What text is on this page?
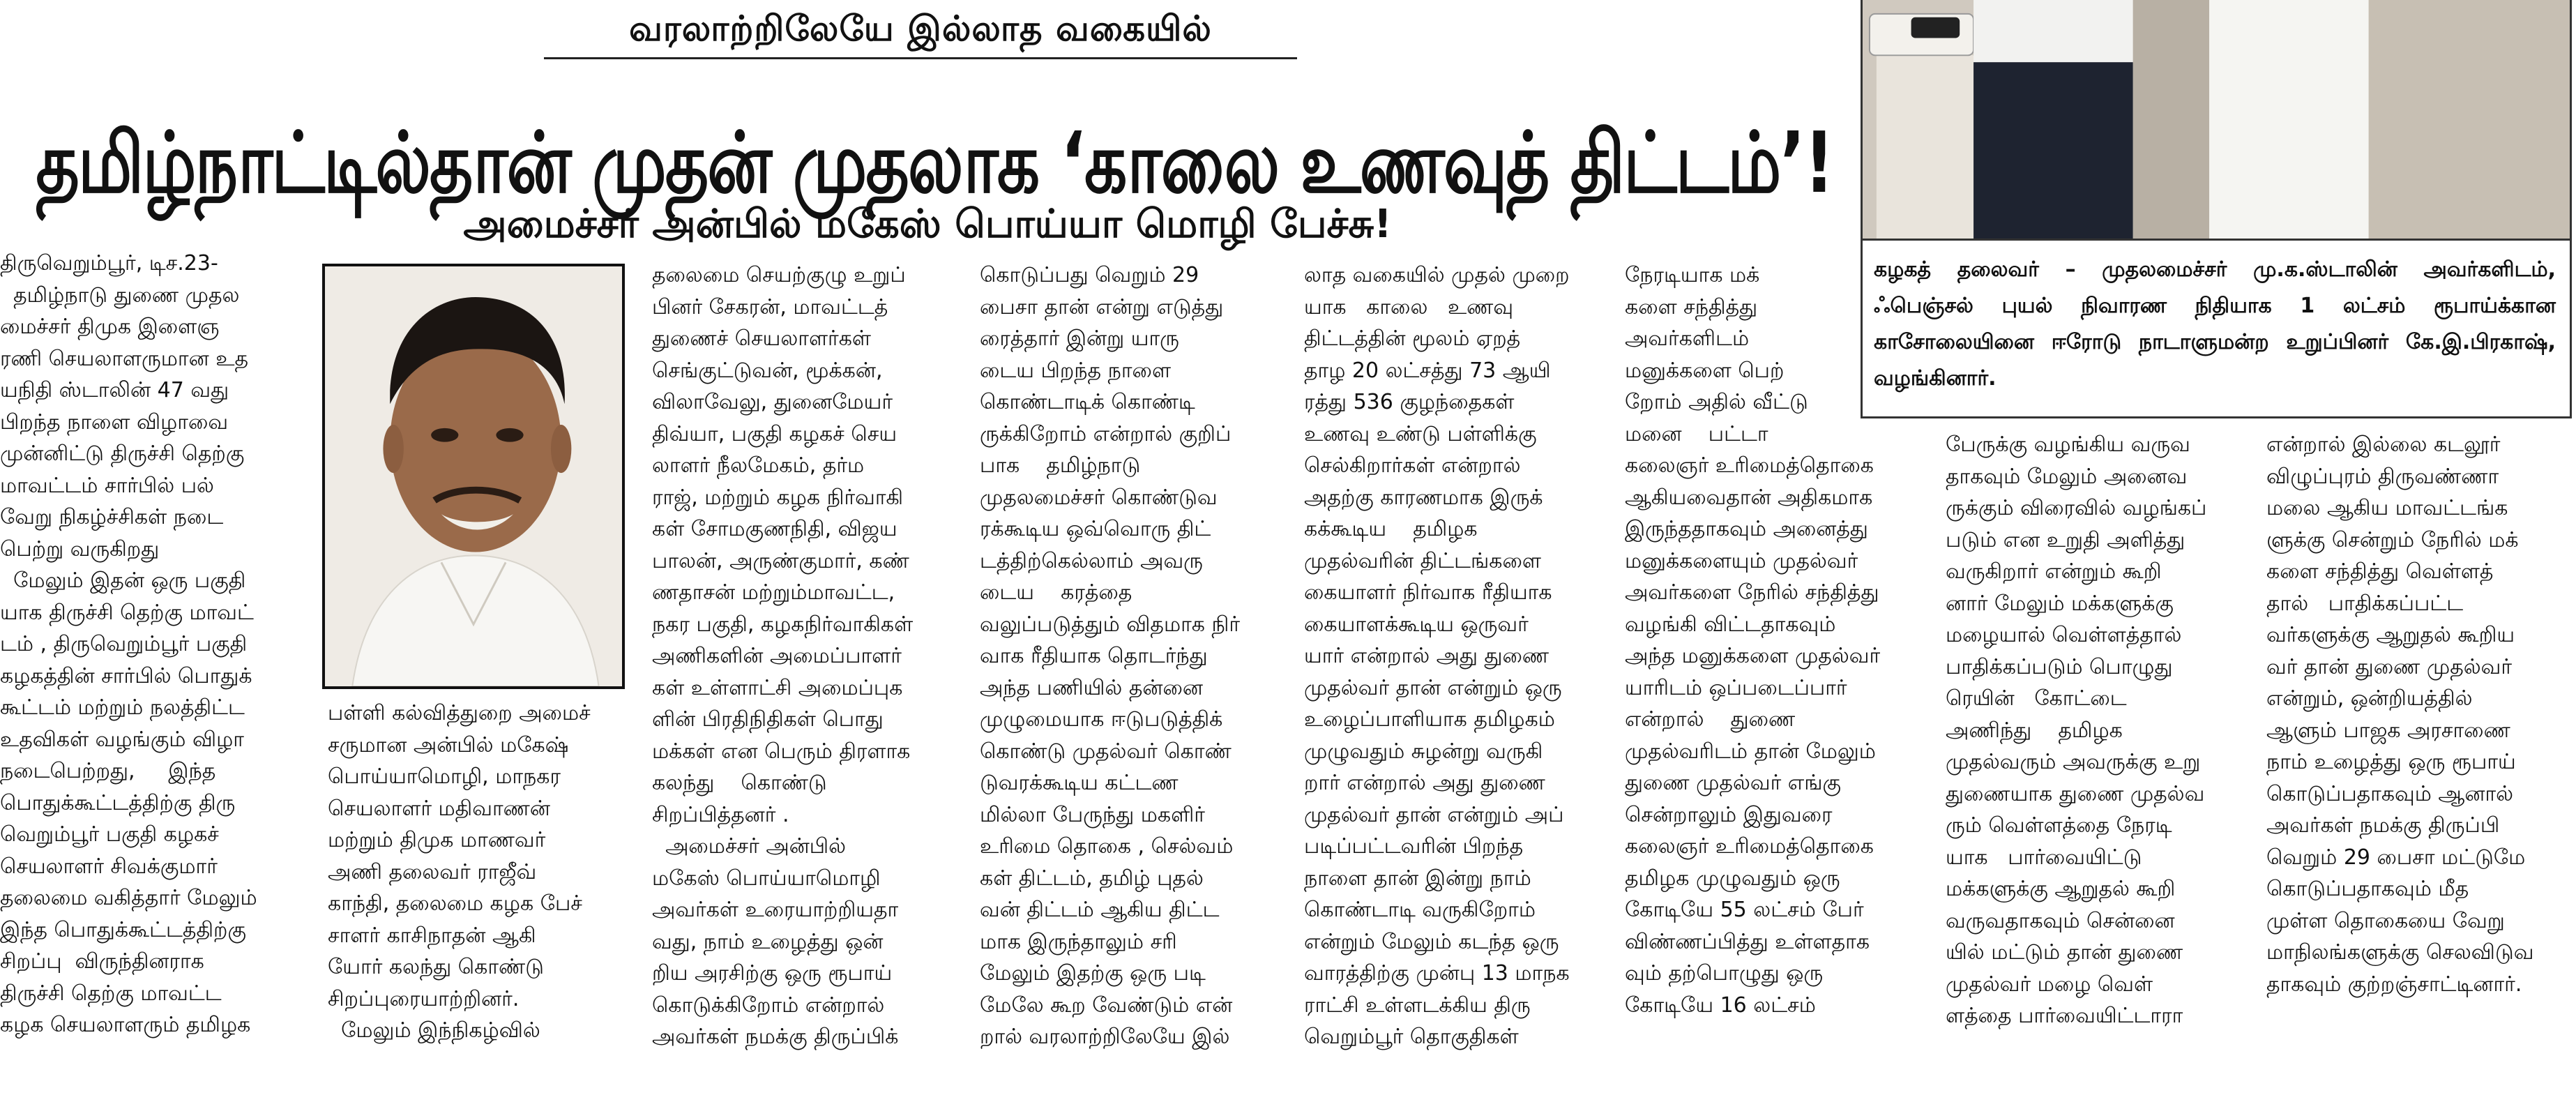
வரலாற்றிலேயே இல்லாத வகையில்
தமிழ்நாட்டில்தான் முதன் முதலாக ‘காலை உணவுத் திட்டம்’!
அமைச்சர் அன்பில் மகேஸ் பொய்யா மொழி பேச்சு!
திருவெறும்பூர், டிச.23-
தமிழ்நாடு துணை முதல
மைச்சர் திமுக இளைஞ
ரணி செயலாளருமான உத
யநிதி ஸ்டாலின் 47 வது
பிறந்த நாளை விழாவை
முன்னிட்டு திருச்சி தெற்கு
மாவட்டம் சார்பில் பல்
வேறு நிகழ்ச்சிகள் நடை
பெற்று வருகிறது
மேலும் இதன் ஒரு பகுதி
யாக திருச்சி தெற்கு மாவட்
டம் , திருவெறும்பூர் பகுதி
கழகத்தின் சார்பில் பொதுக்
கூட்டம் மற்றும் நலத்திட்ட
உதவிகள் வழங்கும் விழா
நடைபெற்றது,     இந்த
பொதுக்கூட்டத்திற்கு திரு
வெறும்பூர் பகுதி கழகச்
செயலாளர் சிவக்குமார்
தலைமை வகித்தார் மேலும்
இந்த பொதுக்கூட்டத்திற்கு
சிறப்பு  விருந்தினராக
திருச்சி தெற்கு மாவட்ட
கழக செயலாளரும் தமிழக
பள்ளி கல்வித்துறை அமைச்
சருமான அன்பில் மகேஷ்
பொய்யாமொழி, மாநகர
செயலாளர் மதிவாணன்
மற்றும் திமுக மாணவர்
அணி தலைவர் ராஜீவ்
காந்தி, தலைமை கழக பேச்
சாளர் காசிநாதன் ஆகி
யோர் கலந்து கொண்டு
சிறப்புரையாற்றினர்.
மேலும் இந்நிகழ்வில்
தலைமை செயற்குழு உறுப்
பினர் சேகரன், மாவட்டத்
துணைச் செயலாளர்கள்
செங்குட்டுவன், மூக்கன்,
விலாவேலு, துனைமேயர்
திவ்யா, பகுதி கழகச் செய
லாளர் நீலமேகம், தர்ம
ராஜ், மற்றும் கழக நிர்வாகி
கள் சோமகுணநிதி, விஜய
பாலன், அருண்குமார், கண்
ணதாசன் மற்றும்மாவட்ட,
நகர பகுதி, கழகநிர்வாகிகள்
அணிகளின் அமைப்பாளர்
கள் உள்ளாட்சி அமைப்புக
ளின் பிரதிநிதிகள் பொது
மக்கள் என பெரும் திரளாக
கலந்து    கொண்டு
சிறப்பித்தனர் .
அமைச்சர் அன்பில்
மகேஸ் பொய்யாமொழி
அவர்கள் உரையாற்றியதா
வது, நாம் உழைத்து ஒன்
றிய அரசிற்கு ஒரு ரூபாய்
கொடுக்கிறோம் என்றால்
அவர்கள் நமக்கு திருப்பிக்
கொடுப்பது வெறும் 29
பைசா தான் என்று எடுத்து
ரைத்தார் இன்று யாரு
டைய பிறந்த நாளை
கொண்டாடிக் கொண்டி
ருக்கிறோம் என்றால் குறிப்
பாக    தமிழ்நாடு
முதலமைச்சர் கொண்டுவ
ரக்கூடிய ஒவ்வொரு திட்
டத்திற்கெல்லாம் அவரு
டைய    கரத்தை
வலுப்படுத்தும் விதமாக நிர்
வாக ரீதியாக தொடர்ந்து
அந்த பணியில் தன்னை
முழுமையாக ஈடுபடுத்திக்
கொண்டு முதல்வர் கொண்
டுவரக்கூடிய கட்டண
மில்லா பேருந்து மகளிர்
உரிமை தொகை , செல்வம்
கள் திட்டம், தமிழ் புதல்
வன் திட்டம் ஆகிய திட்ட
மாக இருந்தாலும் சரி
மேலும் இதற்கு ஒரு படி
மேலே கூற வேண்டும் என்
றால் வரலாற்றிலேயே இல்
லாத வகையில் முதல் முறை
யாக   காலை   உணவு
திட்டத்தின் மூலம் ஏறத்
தாழ 20 லட்சத்து 73 ஆயி
ரத்து 536 குழந்தைகள்
உணவு உண்டு பள்ளிக்கு
செல்கிறார்கள் என்றால்
அதற்கு காரணமாக இருக்
கக்கூடிய    தமிழக
முதல்வரின் திட்டங்களை
கையாளர் நிர்வாக ரீதியாக
கையாளக்கூடிய ஒருவர்
யார் என்றால் அது துணை
முதல்வர் தான் என்றும் ஒரு
உழைப்பாளியாக தமிழகம்
முழுவதும் சுழன்று வருகி
றார் என்றால் அது துணை
முதல்வர் தான் என்றும் அப்
படிப்பட்டவரின் பிறந்த
நாளை தான் இன்று நாம்
கொண்டாடி வருகிறோம்
என்றும் மேலும் கடந்த ஒரு
வாரத்திற்கு முன்பு 13 மாநக
ராட்சி உள்ளடக்கிய திரு
வெறும்பூர் தொகுதிகள்
நேரடியாக மக்
களை சந்தித்து
அவர்களிடம்
மனுக்களை பெற்
றோம் அதில் வீட்டு
மனை    பட்டா
கலைஞர் உரிமைத்தொகை
ஆகியவைதான் அதிகமாக
இருந்ததாகவும் அனைத்து
மனுக்களையும் முதல்வர்
அவர்களை நேரில் சந்தித்து
வழங்கி விட்டதாகவும்
அந்த மனுக்களை முதல்வர்
யாரிடம் ஒப்படைப்பார்
என்றால்    துணை
முதல்வரிடம் தான் மேலும்
துணை முதல்வர் எங்கு
சென்றாலும் இதுவரை
கலைஞர் உரிமைத்தொகை
தமிழக முழுவதும் ஒரு
கோடியே 55 லட்சம் பேர்
விண்ணப்பித்து உள்ளதாக
வும் தற்பொழுது ஒரு
கோடியே 16 லட்சம்
பேருக்கு வழங்கிய வருவ
தாகவும் மேலும் அனைவ
ருக்கும் விரைவில் வழங்கப்
படும் என உறுதி அளித்து
வருகிறார் என்றும் கூறி
னார் மேலும் மக்களுக்கு
மழையால் வெள்ளத்தால்
பாதிக்கப்படும் பொழுது
ரெயின்   கோட்டை
அணிந்து    தமிழக
முதல்வரும் அவருக்கு உறு
துணையாக துணை முதல்வ
ரும் வெள்ளத்தை நேரடி
யாக   பார்வையிட்டு
மக்களுக்கு ஆறுதல் கூறி
வருவதாகவும் சென்னை
யில் மட்டும் தான் துணை
முதல்வர் மழை வெள்
ளத்தை பார்வையிட்டாரா
என்றால் இல்லை கடலூர்
விழுப்புரம் திருவண்ணா
மலை ஆகிய மாவட்டங்க
ளுக்கு சென்றும் நேரில் மக்
களை சந்தித்து வெள்ளத்
தால்   பாதிக்கப்பட்ட
வர்களுக்கு ஆறுதல் கூறிய
வர் தான் துணை முதல்வர்
என்றும், ஒன்றியத்தில்
ஆளும் பாஜக அரசாணை
நாம் உழைத்து ஒரு ரூபாய்
கொடுப்பதாகவும் ஆனால்
அவர்கள் நமக்கு திருப்பி
வெறும் 29 பைசா மட்டுமே
கொடுப்பதாகவும் மீத
முள்ள தொகையை வேறு
மாநிலங்களுக்கு செலவிடுவ
தாகவும் குற்றஞ்சாட்டினார்.
கழகத் தலைவர் – முதலமைச்சர் மு.க.ஸ்டாலின் அவர்களிடம், ஃபெஞ்சல் புயல் நிவாரண நிதியாக 1 லட்சம் ரூபாய்க்கான காசோலையினை ஈரோடு நாடாளுமன்ற உறுப்பினர் கே.இ.பிரகாஷ், வழங்கினார்.
